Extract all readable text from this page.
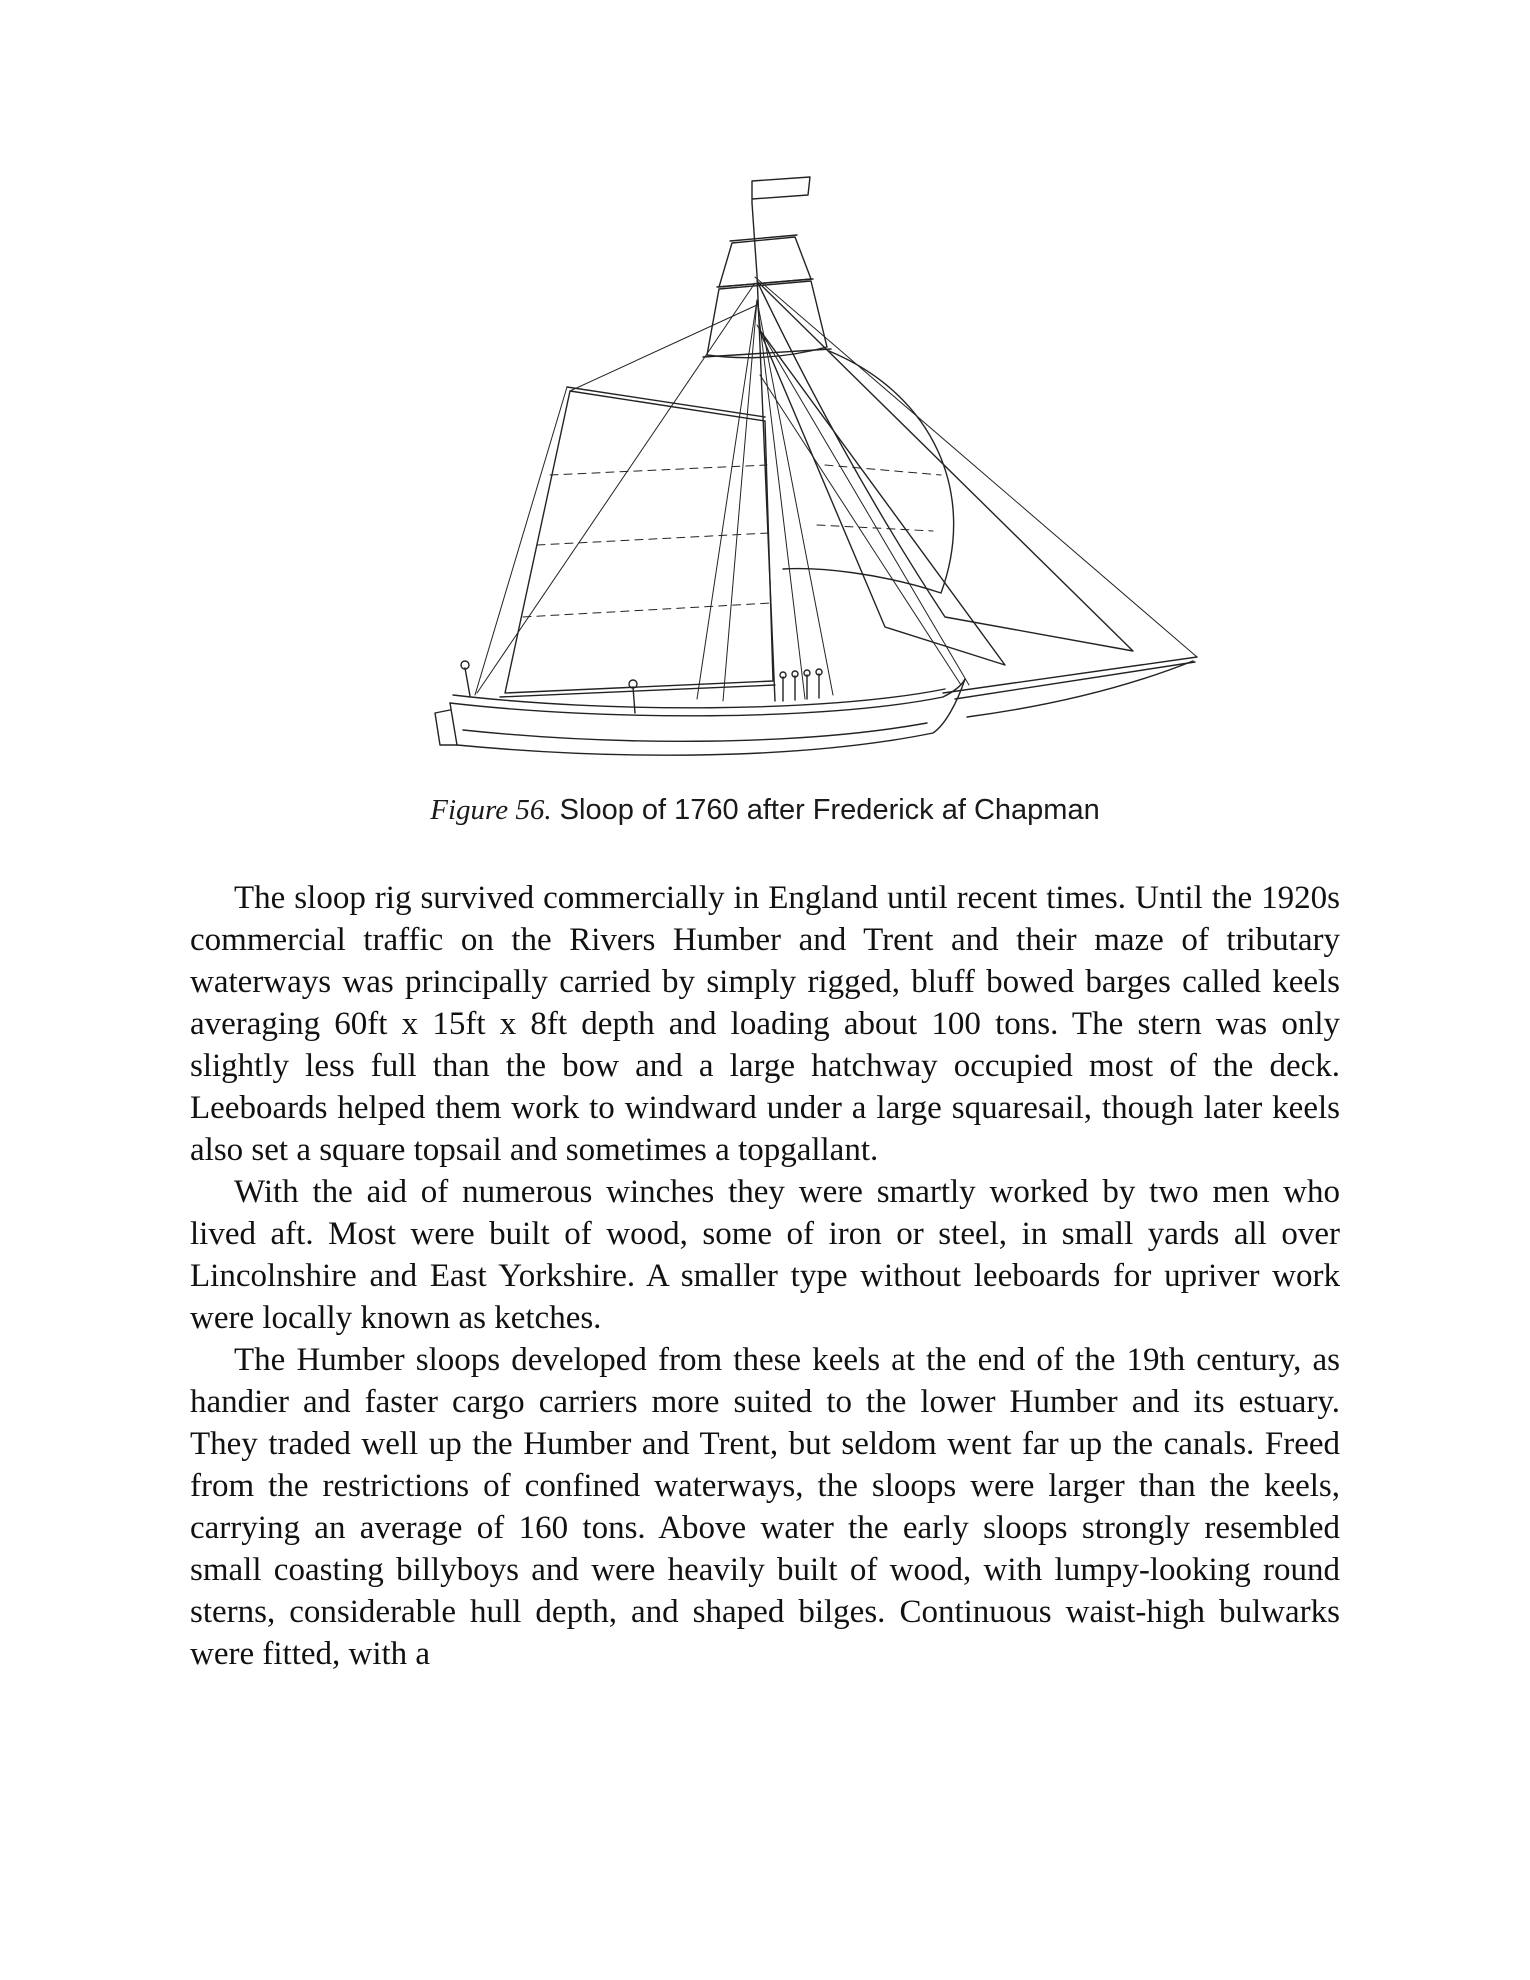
Figure 56. Sloop of 1760 after Frederick af Chapman

The sloop rig survived commercially in England until recent times. Until the 1920s commercial traffic on the Rivers Humber and Trent and their maze of tributary waterways was principally carried by simply rigged, bluff bowed barges called keels averaging 60ft x 15ft x 8ft depth and loading about 100 tons. The stern was only slightly less full than the bow and a large hatchway occupied most of the deck. Leeboards helped them work to windward under a large squaresail, though later keels also set a square topsail and sometimes a topgallant.

With the aid of numerous winches they were smartly worked by two men who lived aft. Most were built of wood, some of iron or steel, in small yards all over Lincolnshire and East Yorkshire. A smaller type without leeboards for upriver work were locally known as ketches.

The Humber sloops developed from these keels at the end of the 19th century, as handier and faster cargo carriers more suited to the lower Humber and its estuary. They traded well up the Humber and Trent, but seldom went far up the canals. Freed from the restrictions of confined waterways, the sloops were larger than the keels, carrying an average of 160 tons. Above water the early sloops strongly resembled small coasting billyboys and were heavily built of wood, with lumpy-looking round sterns, considerable hull depth, and shaped bilges. Continuous waist-high bulwarks were fitted, with a
